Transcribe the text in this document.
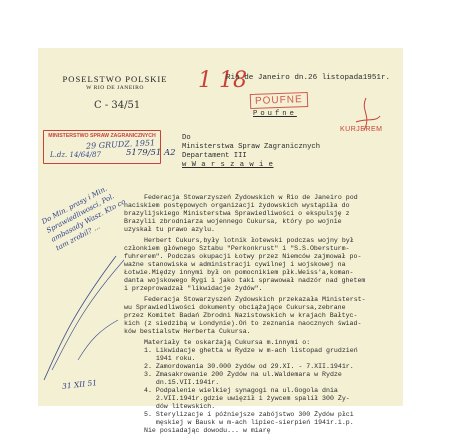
POSELSTWO POLSKIE
W RIO DE JANEIRO
C - 34/51
1 18
Rio de Janeiro dn.26 listopada1951r.
POUFNE
Poufne
KURJEREM
MINISTERSTWO SPRAW ZAGRANICZNYCH
29 GRUDZ. 1951
L.dz. 14/64/87	5179/51 A2
Do
Ministerstwa Spraw Zagranicznych
Departament III
w W a r s z a w i e
Do Min. prasy i Min. Sprawiedliwosci, Pol. ambasady Wasz. Kto co tam zrobil? ...
31 XII 51
Federacja Stowarzyszeń Żydowskich w Rio de Janeiro pod
naciskiem postępowych organizacji żydowskich wystąpiła do
brazylijskiego Ministerstwa Sprawiedliwości o ekspulsję z
Brazylii zbrodniarza wojennego Cukursa, który po wojnie
uzyskał tu prawo azylu.
Herbert Cukurs,były lotnik łotewski podczas wojny był
członkiem głównego Sztabu "Perkonkrust" i "S.S.Obersturm-
fuhrerem". Podczas okupacji Łotwy przez Niemców zajmował po-
ważne stanowiska w administracji cywilnej i wojskowej na
Łotwie.Między innymi był on pomocnikiem płk.Weiss'a,koman-
danta wojskowego Rygi i jako taki sprawował nadzór nad ghetem
i przeprowadzał "likwidacje żydów".
Federacja Stowarzyszeń Żydowskich przekazała Ministerst-
wu Sprawiedliwości dokumenty obciążające Cukursa,zebrane
przez Komitet Badań Zbrodni Nazistowskich w krajach Bałtyc-
kich (z siedzibą w Londynie).Oń to zeznania naocznych świad-
ków bestialstw Herberta Cukursa.
Materiały te oskarżają Cukursa m.innymi o:
1. Likwidacje ghetta w Rydze w m-ach listopad grudzień
1941 roku.
2. Zamordowania 30.000 żydów od 29.XI. - 7.XII.1941r.
3. Zmasakrowanie 200 Żydów na ul.Waldemara w Rydze
dn.15.VII.1941r.
4. Podpalenie wielkiej synagogi na ul.Gogola dnia
2.VII.1941r.gdzie uwięził i żywcem spalił 300 Ży-
dów litewskich.
5. Sterylizacje i późniejsze zabójstwo 300 Żydów płci
męskiej w Bausk w m-ach lipiec-sierpień 1941r.i.p.
Nie posiadając dowodu... w miarę
